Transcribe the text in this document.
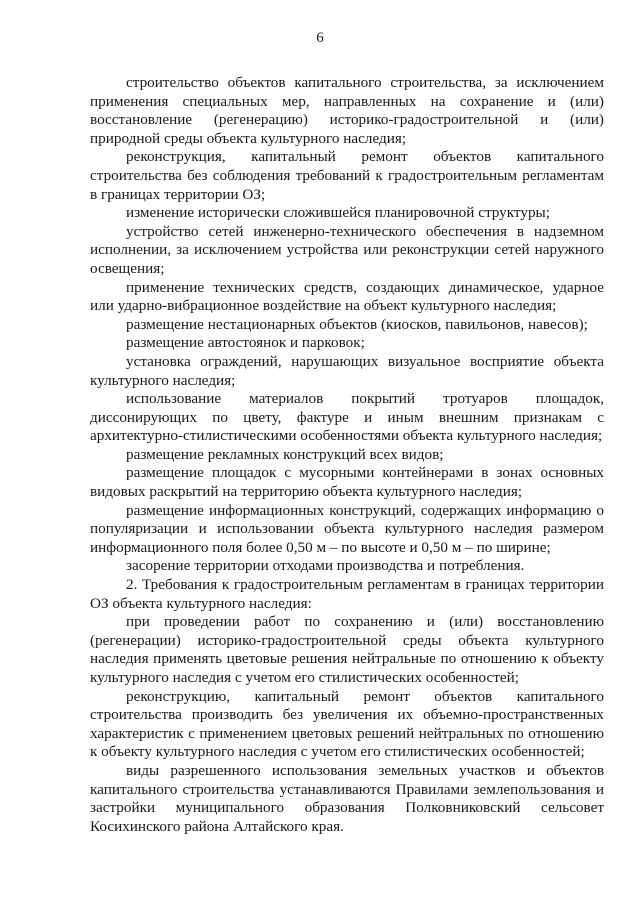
6

строительство объектов капитального строительства, за исключением применения специальных мер, направленных на сохранение и (или) восстановление (регенерацию) историко-градостроительной и (или) природной среды объекта культурного наследия;

реконструкция, капитальный ремонт объектов капитального строительства без соблюдения требований к градостроительным регламентам в границах территории ОЗ;

изменение исторически сложившейся планировочной структуры;

устройство сетей инженерно-технического обеспечения в надземном исполнении, за исключением устройства или реконструкции сетей наружного освещения;

применение технических средств, создающих динамическое, ударное или ударно-вибрационное воздействие на объект культурного наследия;

размещение нестационарных объектов (киосков, павильонов, навесов);

размещение автостоянок и парковок;

установка ограждений, нарушающих визуальное восприятие объекта культурного наследия;

использование материалов покрытий тротуаров площадок, диссонирующих по цвету, фактуре и иным внешним признакам с архитектурно-стилистическими особенностями объекта культурного наследия;

размещение рекламных конструкций всех видов;

размещение площадок с мусорными контейнерами в зонах основных видовых раскрытий на территорию объекта культурного наследия;

размещение информационных конструкций, содержащих информацию о популяризации и использовании объекта культурного наследия размером информационного поля более 0,50 м – по высоте и 0,50 м – по ширине;

засорение территории отходами производства и потребления.

2. Требования к градостроительным регламентам в границах территории ОЗ объекта культурного наследия:

при проведении работ по сохранению и (или) восстановлению (регенерации) историко-градостроительной среды объекта культурного наследия применять цветовые решения нейтральные по отношению к объекту культурного наследия с учетом его стилистических особенностей;

реконструкцию, капитальный ремонт объектов капитального строительства производить без увеличения их объемно-пространственных характеристик с применением цветовых решений нейтральных по отношению к объекту культурного наследия с учетом его стилистических особенностей;

виды разрешенного использования земельных участков и объектов капитального строительства устанавливаются Правилами землепользования и застройки муниципального образования Полковниковский сельсовет Косихинского района Алтайского края.
